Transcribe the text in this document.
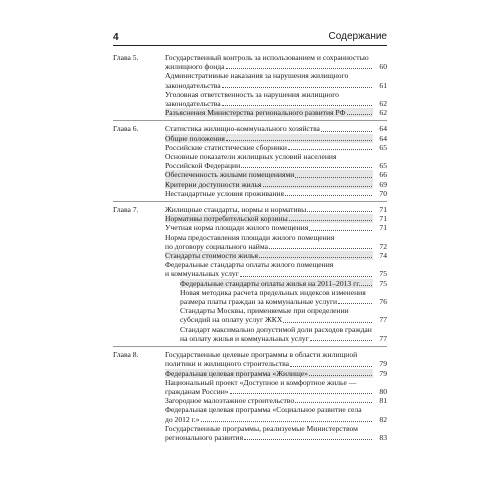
4	Содержание
Глава 5.	Государственный контроль за использованием и сохранностью
жилищного фонда	60
Административные наказания за нарушения жилищного
законодательства	61
Уголовная ответственность за нарушения жилищного
законодательства	62
Разъяснения Министерства регионального развития РФ	62
Глава 6.	Статистика жилищно-коммунального хозяйства	64
Общие положения	64
Российские статистические сборники	65
Основные показатели жилищных условий населения
Российской Федерации	65
Обеспеченность жилыми помещениями	66
Критерии доступности жилья	69
Нестандартные условия проживания	70
Глава 7.	Жилищные стандарты, нормы и нормативы	71
Нормативы потребительской корзины	71
Учетная норма площади жилого помещения	71
Норма предоставления площади жилого помещения
по договору социального найма	72
Стандарты стоимости жилья	74
Федеральные стандарты оплаты жилого помещения
и коммунальных услуг	75
Федеральные стандарты оплаты жилья на 2011–2013 гг.	75
Новая методика расчета предельных индексов изменения
размера платы граждан за коммунальные услуги	76
Стандарты Москвы, применяемые при определении
субсидий на оплату услуг ЖКХ	77
Стандарт максимально допустимой доли расходов граждан
на оплату жилья и коммунальных услуг	77
Глава 8.	Государственные целевые программы в области жилищной
политики и жилищного строительства	79
Федеральная целевая программа «Жилище»	79
Национальный проект «Доступное и комфортное жилье —
гражданам России»	80
Загородное малоэтажное строительство	81
Федеральная целевая программа «Социальное развитие села
до 2012 г.»	82
Государственные программы, реализуемые Министерством
регионального развития	83
